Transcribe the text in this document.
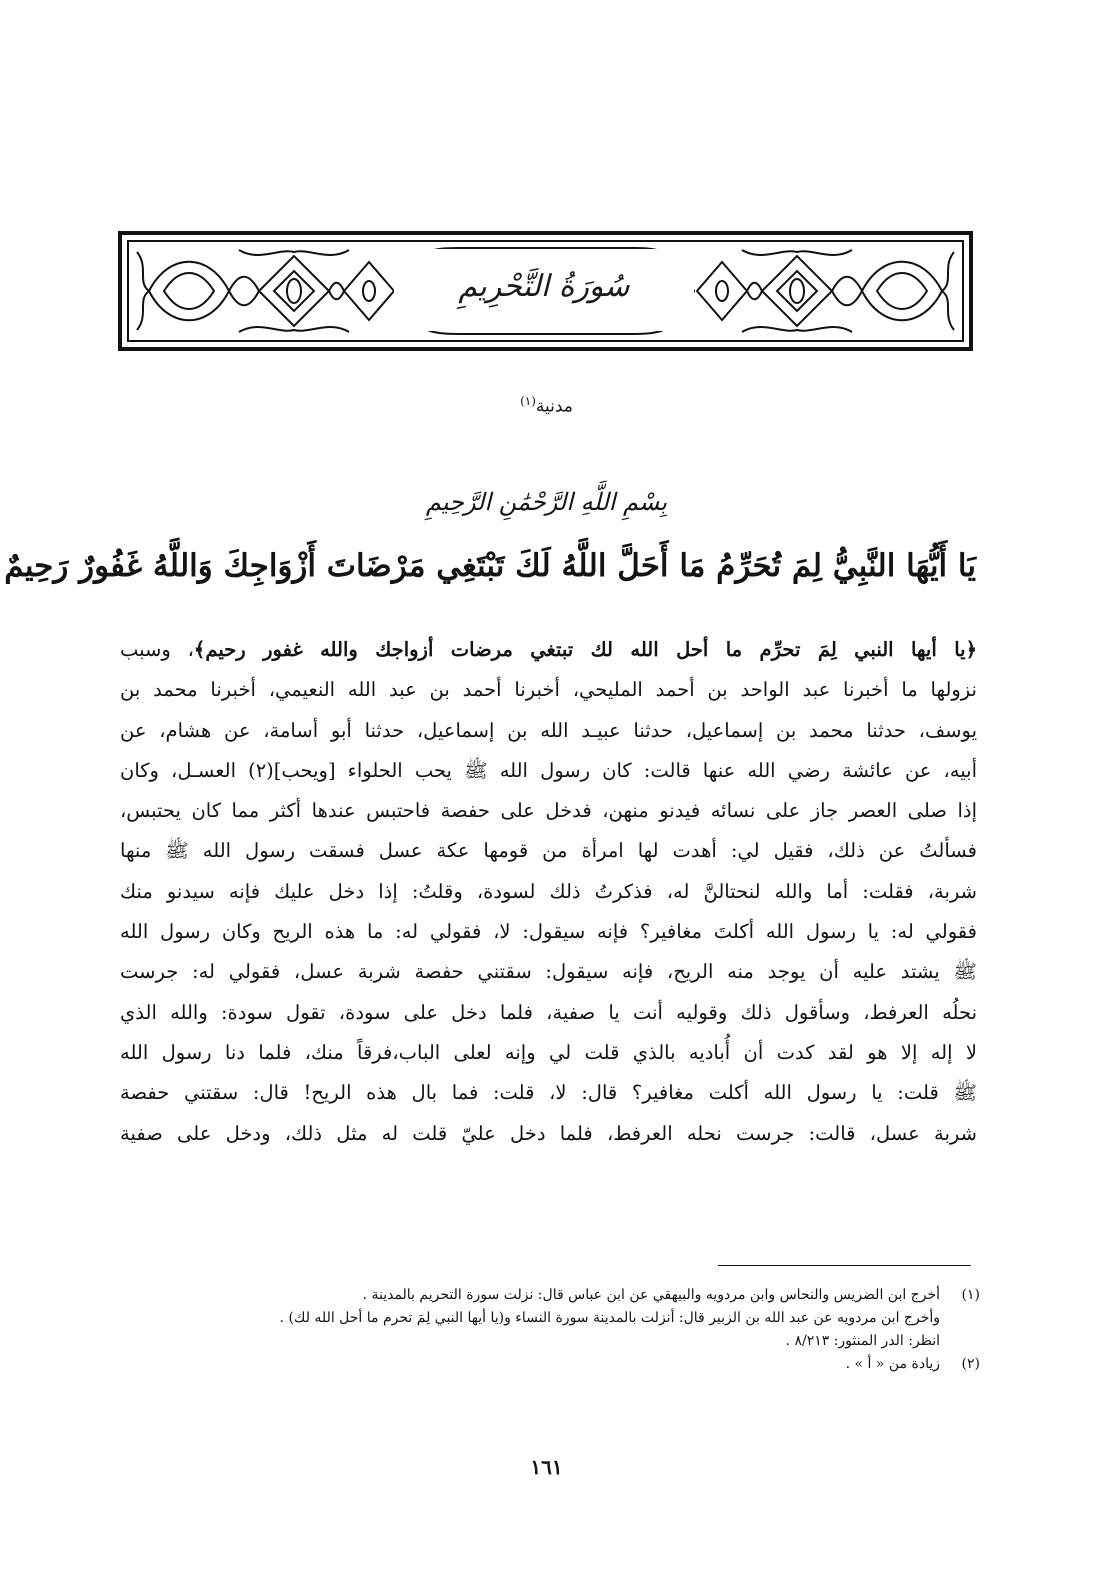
سُورَةُ التَّحْرِيمِ
مدنية$^{(١)}$
بِسْمِ اللَّهِ الرَّحْمَٰنِ الرَّحِيمِ
يَا أَيُّهَا النَّبِيُّ لِمَ تُحَرِّمُ مَا أَحَلَّ اللَّهُ لَكَ تَبْتَغِي مَرْضَاتَ أَزْوَاجِكَ وَاللَّهُ غَفُورٌ رَحِيمٌ
﴿يا أيها النبي لِمَ تحرِّم ما أحل الله لك تبتغي مرضات أزواجك والله غفور رحيم﴾، وسبب
نزولها ما أخبرنا عبد الواحد بن أحمد المليحي، أخبرنا أحمد بن عبد الله النعيمي، أخبرنا محمد بن
يوسف، حدثنا محمد بن إسماعيل، حدثنا عبيـد الله بن إسماعيل، حدثنا أبو أسامة، عن هشام، عن
أبيه، عن عائشة رضي الله عنها قالت: كان رسول الله ﷺ يحب الحلواء [ويحب](٢) العسـل، وكان
إذا صلى العصر جاز على نسائه فيدنو منهن، فدخل على حفصة فاحتبس عندها أكثر مما كان يحتبس،
فسألتُ عن ذلك، فقيل لي: أهدت لها امرأة من قومها عكة عسل فسقت رسول الله ﷺ منها
شربة، فقلت: أما والله لنحتالنَّ له، فذكرتُ ذلك لسودة، وقلتُ: إذا دخل عليك فإنه سيدنو منك
فقولي له: يا رسول الله أكلتَ مغافير؟ فإنه سيقول: لا، فقولي له: ما هذه الريح وكان رسول الله
ﷺ يشتد عليه أن يوجد منه الريح، فإنه سيقول: سقتني حفصة شربة عسل، فقولي له: جرست
نحلُه العرفط، وسأقول ذلك وقوليه أنت يا صفية، فلما دخل على سودة، تقول سودة: والله الذي
لا إله إلا هو لقد كدت أن أُباديه بالذي قلت لي وإنه لعلى الباب،فرقاً منك، فلما دنا رسول الله
ﷺ قلت: يا رسول الله أكلت مغافير؟ قال: لا، قلت: فما بال هذه الريح! قال: سقتني حفصة
شربة عسل، قالت: جرست نحله العرفط، فلما دخل عليّ قلت له مثل ذلك، ودخل على صفية
(١)
أخرج ابن الضريس والنحاس وابن مردويه والبيهقي عن ابن عباس قال: نزلت سورة التحريم بالمدينة .
وأخرج ابن مردويه عن عبد الله بن الزبير قال: أنزلت بالمدينة سورة النساء و(يا أيها النبي لِمَ تحرم ما أحل الله لك) .
انظر: الدر المنثور: ٨/٢١٣ .
(٢)
زيادة من « أ » .
١٦١
